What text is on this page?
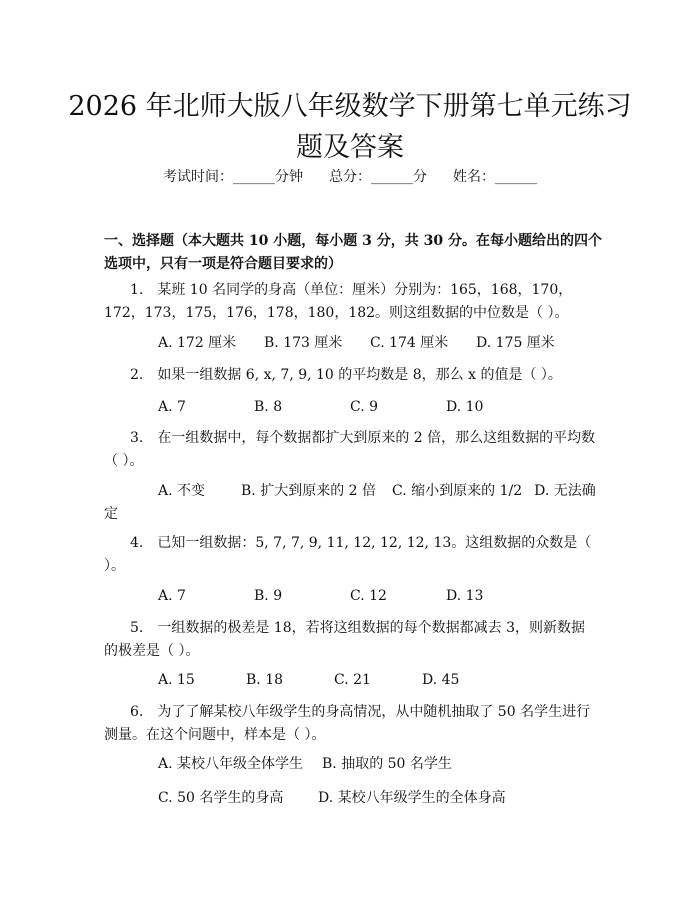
2026 年北师大版八年级数学下册第七单元练习题及答案
考试时间：______分钟 总分：______分 姓名：______

一、选择题（本大题共 10 小题，每小题 3 分，共 30 分。在每小题给出的四个选项中，只有一项是符合题目要求的）

1.　某班 10 名同学的身高（单位：厘米）分别为：165，168，170，172，173，175，176，178，180，182。则这组数据的中位数是（ ）。

A. 172 厘米 B. 173 厘米 C. 174 厘米 D. 175 厘米

2.　如果一组数据 6, x, 7, 9, 10 的平均数是 8，那么 x 的值是（ ）。

A. 7	B. 8	C. 9	D. 10

3.　在一组数据中，每个数据都扩大到原来的 2 倍，那么这组数据的平均数（ ）。

A. 不变	B. 扩大到原来的 2 倍 C. 缩小到原来的 1/2 D. 无法确定

4.　已知一组数据：5, 7, 7, 9, 11, 12, 12, 12, 13。这组数据的众数是（ ）。

A. 7	B. 9	C. 12	D. 13

5.　一组数据的极差是 18，若将这组数据的每个数据都减去 3，则新数据的极差是（ ）。

A. 15	B. 18	C. 21	D. 45

6.　为了了解某校八年级学生的身高情况，从中随机抽取了 50 名学生进行测量。在这个问题中，样本是（ ）。

A. 某校八年级全体学生 B. 抽取的 50 名学生
C. 50 名学生的身高 D. 某校八年级学生的全体身高
